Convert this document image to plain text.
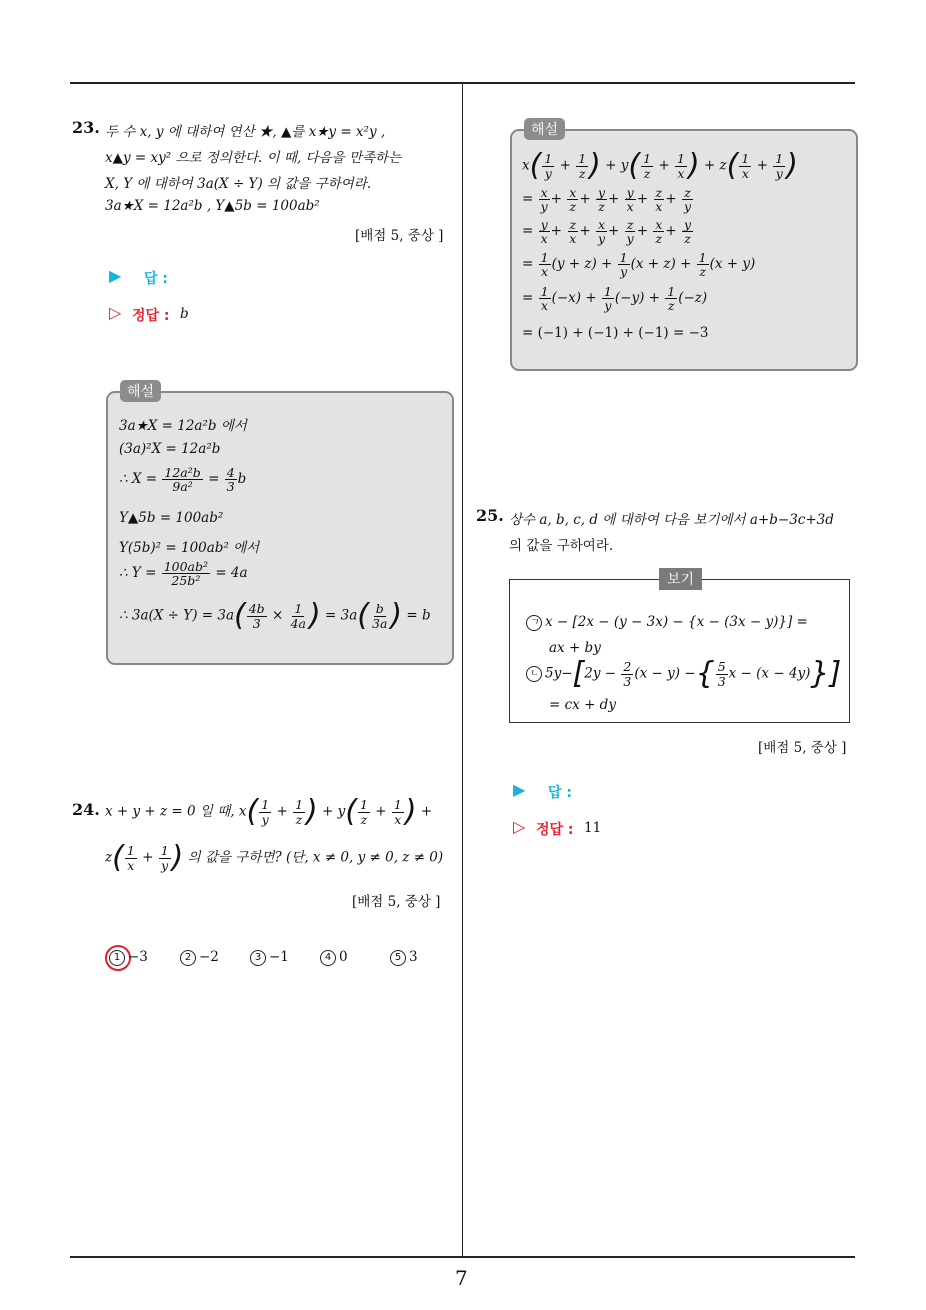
7
23. 두 수 x, y 에 대하여 연산 ★, ▲를 x★y = x²y ,
x▲y = xy² 으로 정의한다. 이 때, 다음을 만족하는
X, Y 에 대하여 3a(X ÷ Y) 의 값을 구하여라.
3a★X = 12a²b , Y▲5b = 100ab²
[배점 5, 중상 ]
▶ 답 :
▷ 정답 : b
해설
3a★X = 12a²b 에서
(3a)²X = 12a²b
∴ $X = \frac{\text{12a²b}}{\text{9a²}} = \frac{4}{3}$ b
Y▲5b = 100ab²
Y(5b)² = 100ab² 에서
∴ $Y = \frac{\text{100ab²}}{\text{25b²}} = 4a$
∴ $3a(X \div Y) = 3a( \frac{4b}{3} \times \frac{1}{4a}$ ) = $3a( \frac{b}{3a}$ ) = b
24. x + y + z = 0 일 때, $x( \frac{1}{y} + \frac{1}{z}$ ) + $y( \frac{1}{z} + \frac{1}{x}$ ) +
$z( \frac{1}{x} + \frac{1}{y}$ ) 의 값을 구하면? (단, x ≠ 0, y ≠ 0, z ≠ 0)
[배점 5, 중상 ]
1 −3	2 −2	3 −1	4 0	5 3
해설
$x( \frac{1}{y} + \frac{1}{z}$ ) + $y( \frac{1}{z} + \frac{1}{x}$ ) + $z( \frac{1}{x} + \frac{1}{y}$ )
= $\frac{x}{y} + \frac{x}{z} + \frac{y}{z} + \frac{y}{x} + \frac{z}{x} + \frac{z}{y}$
= $\frac{y}{x} + \frac{z}{x} + \frac{x}{y} + \frac{z}{y} + \frac{x}{z} + \frac{y}{z}$
= $\frac{1}{x} (y + z) + \frac{1}{y} (x + z) + \frac{1}{z} (x + y)$
= $\frac{1}{x} (-x) + \frac{1}{y} (-y) + \frac{1}{z} (-z)$
= (−1) + (−1) + (−1) = −3
25. 상수 a, b, c, d 에 대하여 다음 보기에서 a+b−3c+3d
의 값을 구하여라.
보기
ㄱ x − [2x − (y − 3x) − {x − (3x − y)}] =
ax + by
ㄴ $5y-[2y - \frac{2}{3} (x - y)$ −{ $\frac{5}{3}$ x − (x − 4y)}]
= cx + dy
[배점 5, 중상 ]
▶ 답 :
▷ 정답 : 11
